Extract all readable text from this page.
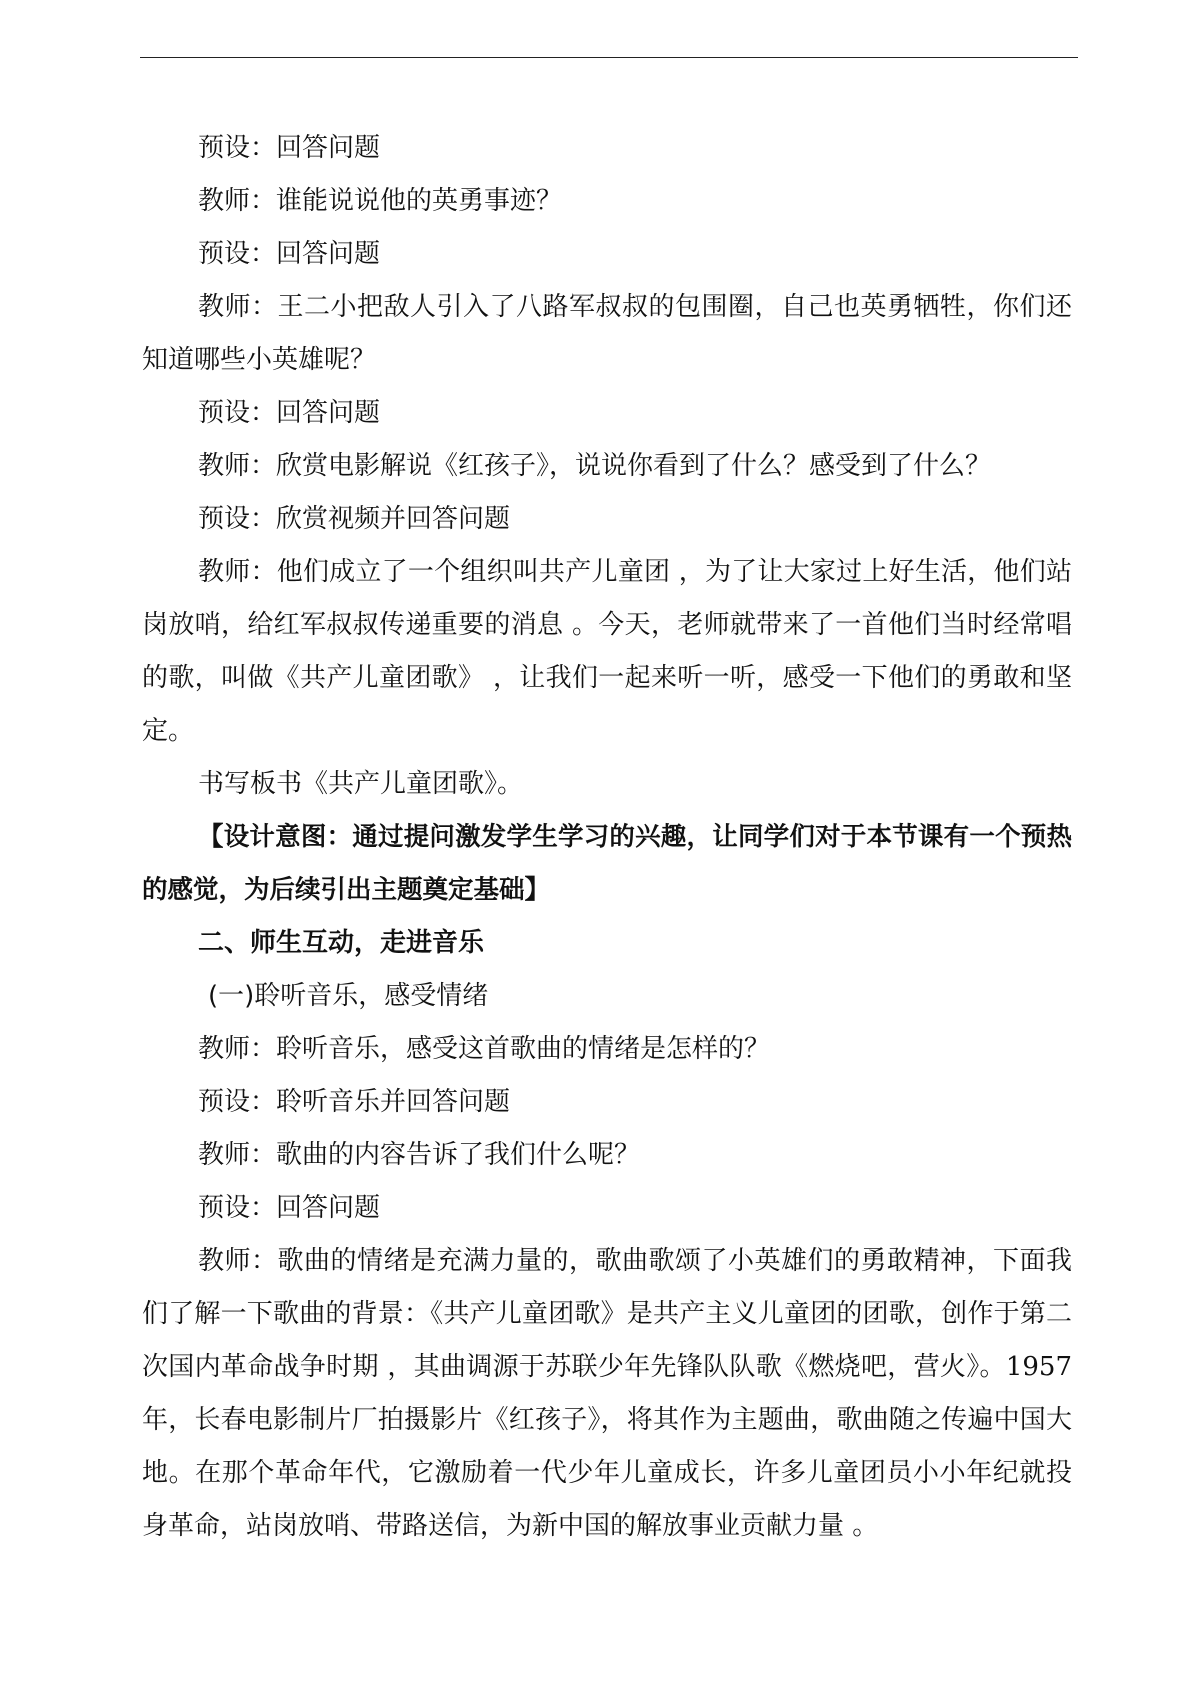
预设：回答问题

教师：谁能说说他的英勇事迹？

预设：回答问题

教师：王二小把敌人引入了八路军叔叔的包围圈，自己也英勇牺牲，你们还知道哪些小英雄呢？

预设：回答问题

教师：欣赏电影解说《红孩子》，说说你看到了什么？感受到了什么？

预设：欣赏视频并回答问题

教师：他们成立了一个组织叫共产儿童团 ，为了让大家过上好生活，他们站岗放哨，给红军叔叔传递重要的消息 。今天，老师就带来了一首他们当时经常唱的歌，叫做《共产儿童团歌》 ，让我们一起来听一听，感受一下他们的勇敢和坚定。

书写板书《共产儿童团歌》。

【设计意图：通过提问激发学生学习的兴趣，让同学们对于本节课有一个预热的感觉，为后续引出主题奠定基础】

二、师生互动，走进音乐

(一)聆听音乐，感受情绪

教师：聆听音乐，感受这首歌曲的情绪是怎样的？

预设：聆听音乐并回答问题

教师：歌曲的内容告诉了我们什么呢？

预设：回答问题

教师：歌曲的情绪是充满力量的，歌曲歌颂了小英雄们的勇敢精神，下面我们了解一下歌曲的背景：《共产儿童团歌》是共产主义儿童团的团歌，创作于第二次国内革命战争时期 ，其曲调源于苏联少年先锋队队歌《燃烧吧，营火》。1957 年，长春电影制片厂拍摄影片《红孩子》，将其作为主题曲，歌曲随之传遍中国大地。在那个革命年代，它激励着一代少年儿童成长，许多儿童团员小小年纪就投身革命，站岗放哨、带路送信，为新中国的解放事业贡献力量 。
